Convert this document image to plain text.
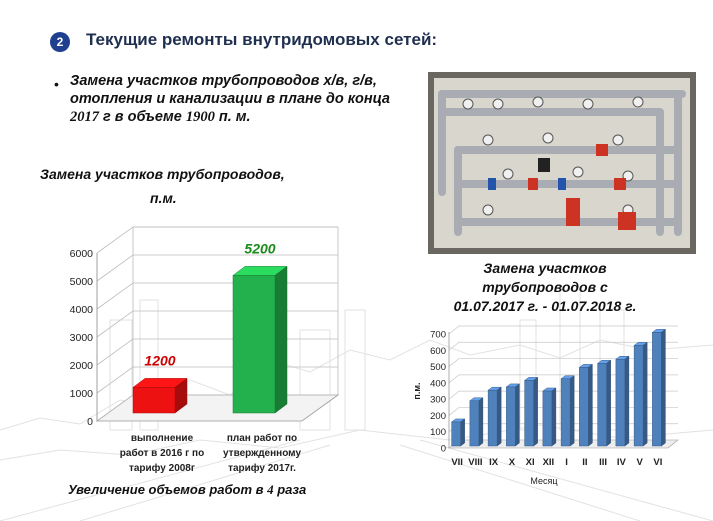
2	Текущие ремонты внутридомовых сетей:
• Замена участков трубопроводов х/в, г/в, отопления и канализации в плане до конца 2017 г в объеме 1900 п. м.
Замена участков трубопроводов,
п.м.
0
1000
2000
3000
4000
5000
6000
1200
выполнение
работ в 2016 г по
тарифу 2008г
5200
план работ по
утвержденному
тарифу 2017г.
Замена участков
трубопроводов с
01.07.2017 г. - 01.07.2018 г.
0
100
200
300
400
500
600
700
VII VIII IX X XI XII I II III IV V VI
Месяц
п.м.
Увеличение объемов работ в 4 раза
